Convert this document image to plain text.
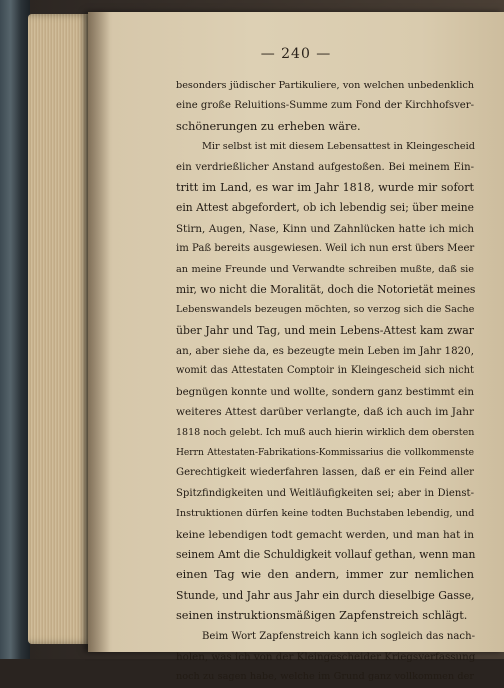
— 240 —
besonders jüdischer Partikuliere, von welchen unbedenklich
eine große Reluitions-Summe zum Fond der Kirchhofsver-
schönerungen zu erheben wäre.
Mir selbst ist mit diesem Lebensattest in Kleingescheid
ein verdrießlicher Anstand aufgestoßen. Bei meinem Ein-
tritt im Land, es war im Jahr 1818, wurde mir sofort
ein Attest abgefordert, ob ich lebendig sei; über meine
Stirn, Augen, Nase, Kinn und Zahnlücken hatte ich mich
im Paß bereits ausgewiesen. Weil ich nun erst übers Meer
an meine Freunde und Verwandte schreiben mußte, daß sie
mir, wo nicht die Moralität, doch die Notorietät meines
Lebenswandels bezeugen möchten, so verzog sich die Sache
über Jahr und Tag, und mein Lebens-Attest kam zwar
an, aber siehe da, es bezeugte mein Leben im Jahr 1820,
womit das Attestaten Comptoir in Kleingescheid sich nicht
begnügen konnte und wollte, sondern ganz bestimmt ein
weiteres Attest darüber verlangte, daß ich auch im Jahr
1818 noch gelebt. Ich muß auch hierin wirklich dem obersten
Herrn Attestaten-Fabrikations-Kommissarius die vollkommenste
Gerechtigkeit wiederfahren lassen, daß er ein Feind aller
Spitzfindigkeiten und Weitläufigkeiten sei; aber in Dienst-
Instruktionen dürfen keine todten Buchstaben lebendig, und
keine lebendigen todt gemacht werden, und man hat in
seinem Amt die Schuldigkeit vollauf gethan, wenn man
einen Tag wie den andern, immer zur nemlichen
Stunde, und Jahr aus Jahr ein durch dieselbige Gasse,
seinen instruktionsmäßigen Zapfenstreich schlägt.
Beim Wort Zapfenstreich kann ich sogleich das nach-
holen, was ich von der Kleingescheider Kriegsverfassung
noch zu sagen habe, welche im Grund ganz vollkommen der
